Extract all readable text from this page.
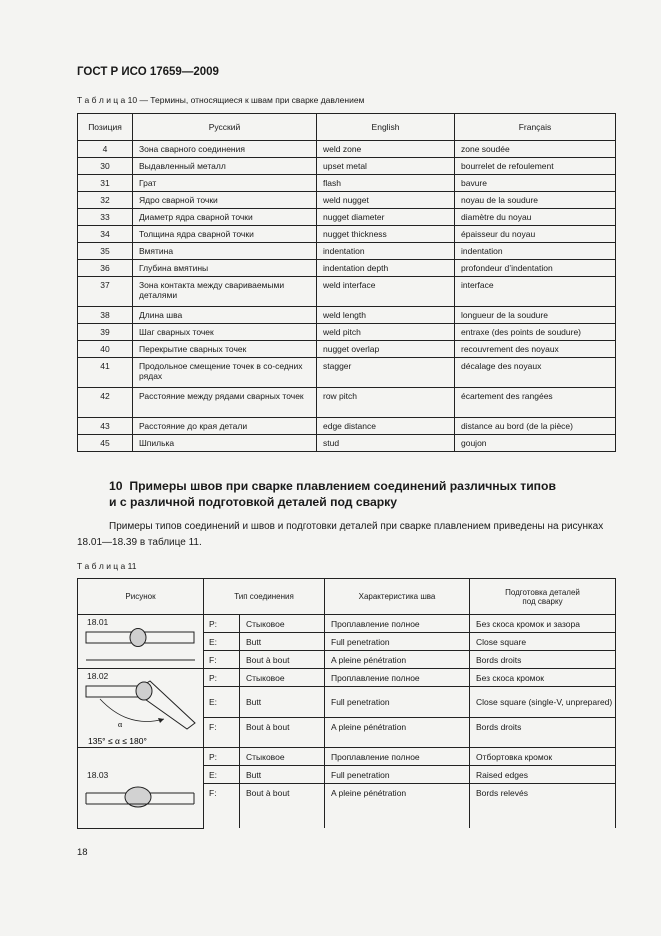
ГОСТ Р ИСО 17659—2009
Т а б л и ц а 10 — Термины, относящиеся к швам при сварке давлением
Позиция	Русский	English	Français
4	Зона сварного соединения	weld zone	zone soudée
30	Выдавленный металл	upset metal	bourrelet de refoulement
31	Грат	flash	bavure
32	Ядро сварной точки	weld nugget	noyau de la soudure
33	Диаметр ядра сварной точки	nugget diameter	diamètre du noyau
34	Толщина ядра сварной точки	nugget thickness	épaisseur du noyau
35	Вмятина	indentation	indentation
36	Глубина вмятины	indentation depth	profondeur d’indentation
37	Зона контакта между свариваемыми деталями	weld interface	interface
38	Длина шва	weld length	longueur de la soudure
39	Шаг сварных точек	weld pitch	entraxe (des points de soudure)
40	Перекрытие сварных точек	nugget overlap	recouvrement des noyaux
41	Продольное смещение точек в со-седних рядах	stagger	décalage des noyaux
42	Расстояние между рядами сварных точек	row pitch	écartement des rangées
43	Расстояние до края детали	edge distance	distance au bord (de la pièce)
45	Шпилька	stud	goujon
10 Примеры швов при сварке плавлением соединений различных типов
и с различной подготовкой деталей под сварку
Примеры типов соединений и швов и подготовки деталей при сварке плавлением приведены на рисунках 18.01—18.39 в таблице 11.
Т а б л и ц а 11
Рисунок	Тип соединения		Характеристика шва	Подготовка деталей
под сварку

18.01	P:	Стыковое	Проплавление полное	Без скоса кромок и зазора
	E:	Butt	Full penetration	Close square
	F:	Bout à bout	A pleine pénétration	Bords droits

18.02
α
135° ≤ α ≤ 180°	P:	Стыковое	Проплавление полное	Без скоса кромок
	E:	Butt	Full penetration	Close square (single-V, unprepared)
	F:	Bout à bout	A pleine pénétration	Bords droits

18.03	P:	Стыковое	Проплавление полное	Отбортовка кромок
	E:	Butt	Full penetration	Raised edges
	F:	Bout à bout	A pleine pénétration	Bords relevés
18
